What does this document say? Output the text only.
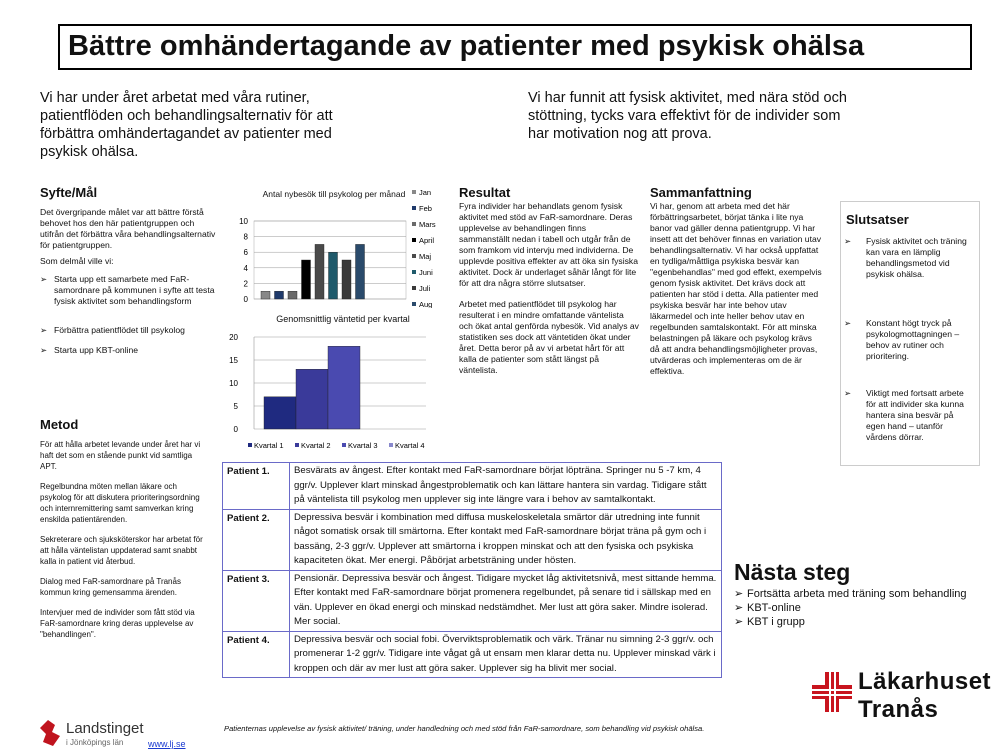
Bättre omhändertagande av patienter med psykisk ohälsa
Vi har under året arbetat med våra rutiner, patientflöden och behandlingsalternativ för att förbättra omhändertagandet av patienter med psykisk ohälsa.
Vi har funnit att fysisk aktivitet, med nära stöd och stöttning, tycks vara effektivt för de individer som har motivation nog att prova.
Syfte/Mål

Det övergripande målet var att bättre förstå behovet hos den här patientgruppen och utifrån det förbättra våra behandlingsalternativ för patientgruppen.

Som delmål ville vi:

➢ Starta upp ett samarbete med FaR-samordnare på kommunen i syfte att testa fysisk aktivitet som behandlingsform
➢ Förbättra patientflödet till psykolog
➢ Starta upp KBT-online
Metod

För att hålla arbetet levande under året har vi haft det som en stående punkt vid samtliga APT.

Regelbundna möten mellan läkare och psykolog för att diskutera prioriteringsordning och internremittering samt samverkan kring enskilda patientärenden.

Sekreterare och sjuksköterskor har arbetat för att hålla väntelistan uppdaterad samt snabbt kalla in patient vid återbud.

Dialog med FaR-samordnare på Tranås kommun kring gemensamma ärenden.

Intervjuer med de individer som fått stöd via FaR-samordnare kring deras upplevelse av "behandlingen".

Landstinget
i Jönköpings län	www.lj.se
Antal nybesök till psykolog per månad
0
2
4
6
8
10
Jan
Feb
Mars
April
Maj
Juni
Juli
Aug
Genomsnittlig väntetid per kvartal
0
5
10
15
20
Kvartal 1 Kvartal 2 Kvartal 3 Kvartal 4
Resultat

Fyra individer har behandlats genom fysisk aktivitet med stöd av FaR-samordnare. Deras upplevelse av behandlingen finns sammanställt nedan i tabell och utgår från de som framkom vid intervju med individerna. De upplevde positiva effekter av att öka sin fysiska aktivitet. Dock är underlaget såhär långt för lite för att dra några större slutsatser.

Arbetet med patientflödet till psykolog har resulterat i en mindre omfattande väntelista och ökat antal genförda nybesök. Vid analys av statistiken ses dock att väntetiden ökat under året. Detta beror på av vi arbetat hårt för att kalla de patienter som stått längst på väntelista.

Sammanfattning
Vi har, genom att arbeta med det här förbättringsarbetet, börjat tänka i lite nya banor vad gäller denna patientgrupp. Vi har insett att det behöver finnas en variation utav behandlingsalternativ. Vi har också uppfattat en tydliga/måttliga psykiska besvär kan "egenbehandlas" med god effekt, exempelvis genom fysisk aktivitet. Det krävs dock att patienten har stöd i detta. Alla patienter med psykiska besvär har inte behov utav läkarmedel och inte heller behov utav en regelbunden samtalskontakt. För att minska belastningen på läkare och psykolog krävs då att andra behandlingsmöjligheter provas, utvärderas och implementeras om de är effektiva.
Slutsatser
➢ Fysisk aktivitet och träning kan vara en lämplig behandlingsmetod vid psykisk ohälsa.
➢ Konstant högt tryck på psykologmottagningen – behov av rutiner och prioritering.
➢ Viktigt med fortsatt arbete för att individer ska kunna hantera sina besvär på egen hand – utanför vårdens dörrar.
Patient 1.	Besvärats av ångest. Efter kontakt med FaR-samordnare börjat löpträna. Springer nu 5 -7 km, 4 ggr/v. Upplever klart minskad ångestproblematik och kan lättare hantera sin vardag. Tidigare stått på väntelista till psykolog men upplever sig inte längre vara i behov av samtalkontakt.
Patient 2.	Depressiva besvär i kombination med diffusa muskeloskeletala smärtor där utredning inte funnit något somatisk orsak till smärtorna. Efter kontakt med FaR-samordnare börjat träna på gym och i bassäng, 2-3 ggr/v. Upplever att smärtorna i kroppen minskat och att den fysiska och psykiska kapaciteten ökat. Mer energi. Påbörjat arbetsträning under hösten.
Patient 3.	Pensionär. Depressiva besvär och ångest. Tidigare mycket låg aktivitetsnivå, mest sittande hemma. Efter kontakt med FaR-samordnare börjat promenera regelbundet, på senare tid i sällskap med en vän. Upplever en ökad energi och minskad nedstämdhet. Mer lust att göra saker. Mindre isolerad. Mer social.
Patient 4.	Depressiva besvär och social fobi. Överviktsproblematik och värk. Tränar nu simning 2-3 ggr/v. och promenerar 1-2 ggr/v. Tidigare inte vågat gå ut ensam men klarar detta nu. Upplever minskad värk i kroppen och där av mer lust att göra saker. Upplever sig ha blivit mer social.
Patienternas upplevelse av fysisk aktivitet/ träning, under handledning och med stöd från FaR-samordnare, som behandling vid psykisk ohälsa.
Nästa steg
➢ Fortsätta arbeta med träning som behandling
➢ KBT-online
➢ KBT i grupp
Läkarhuset
Tranås
